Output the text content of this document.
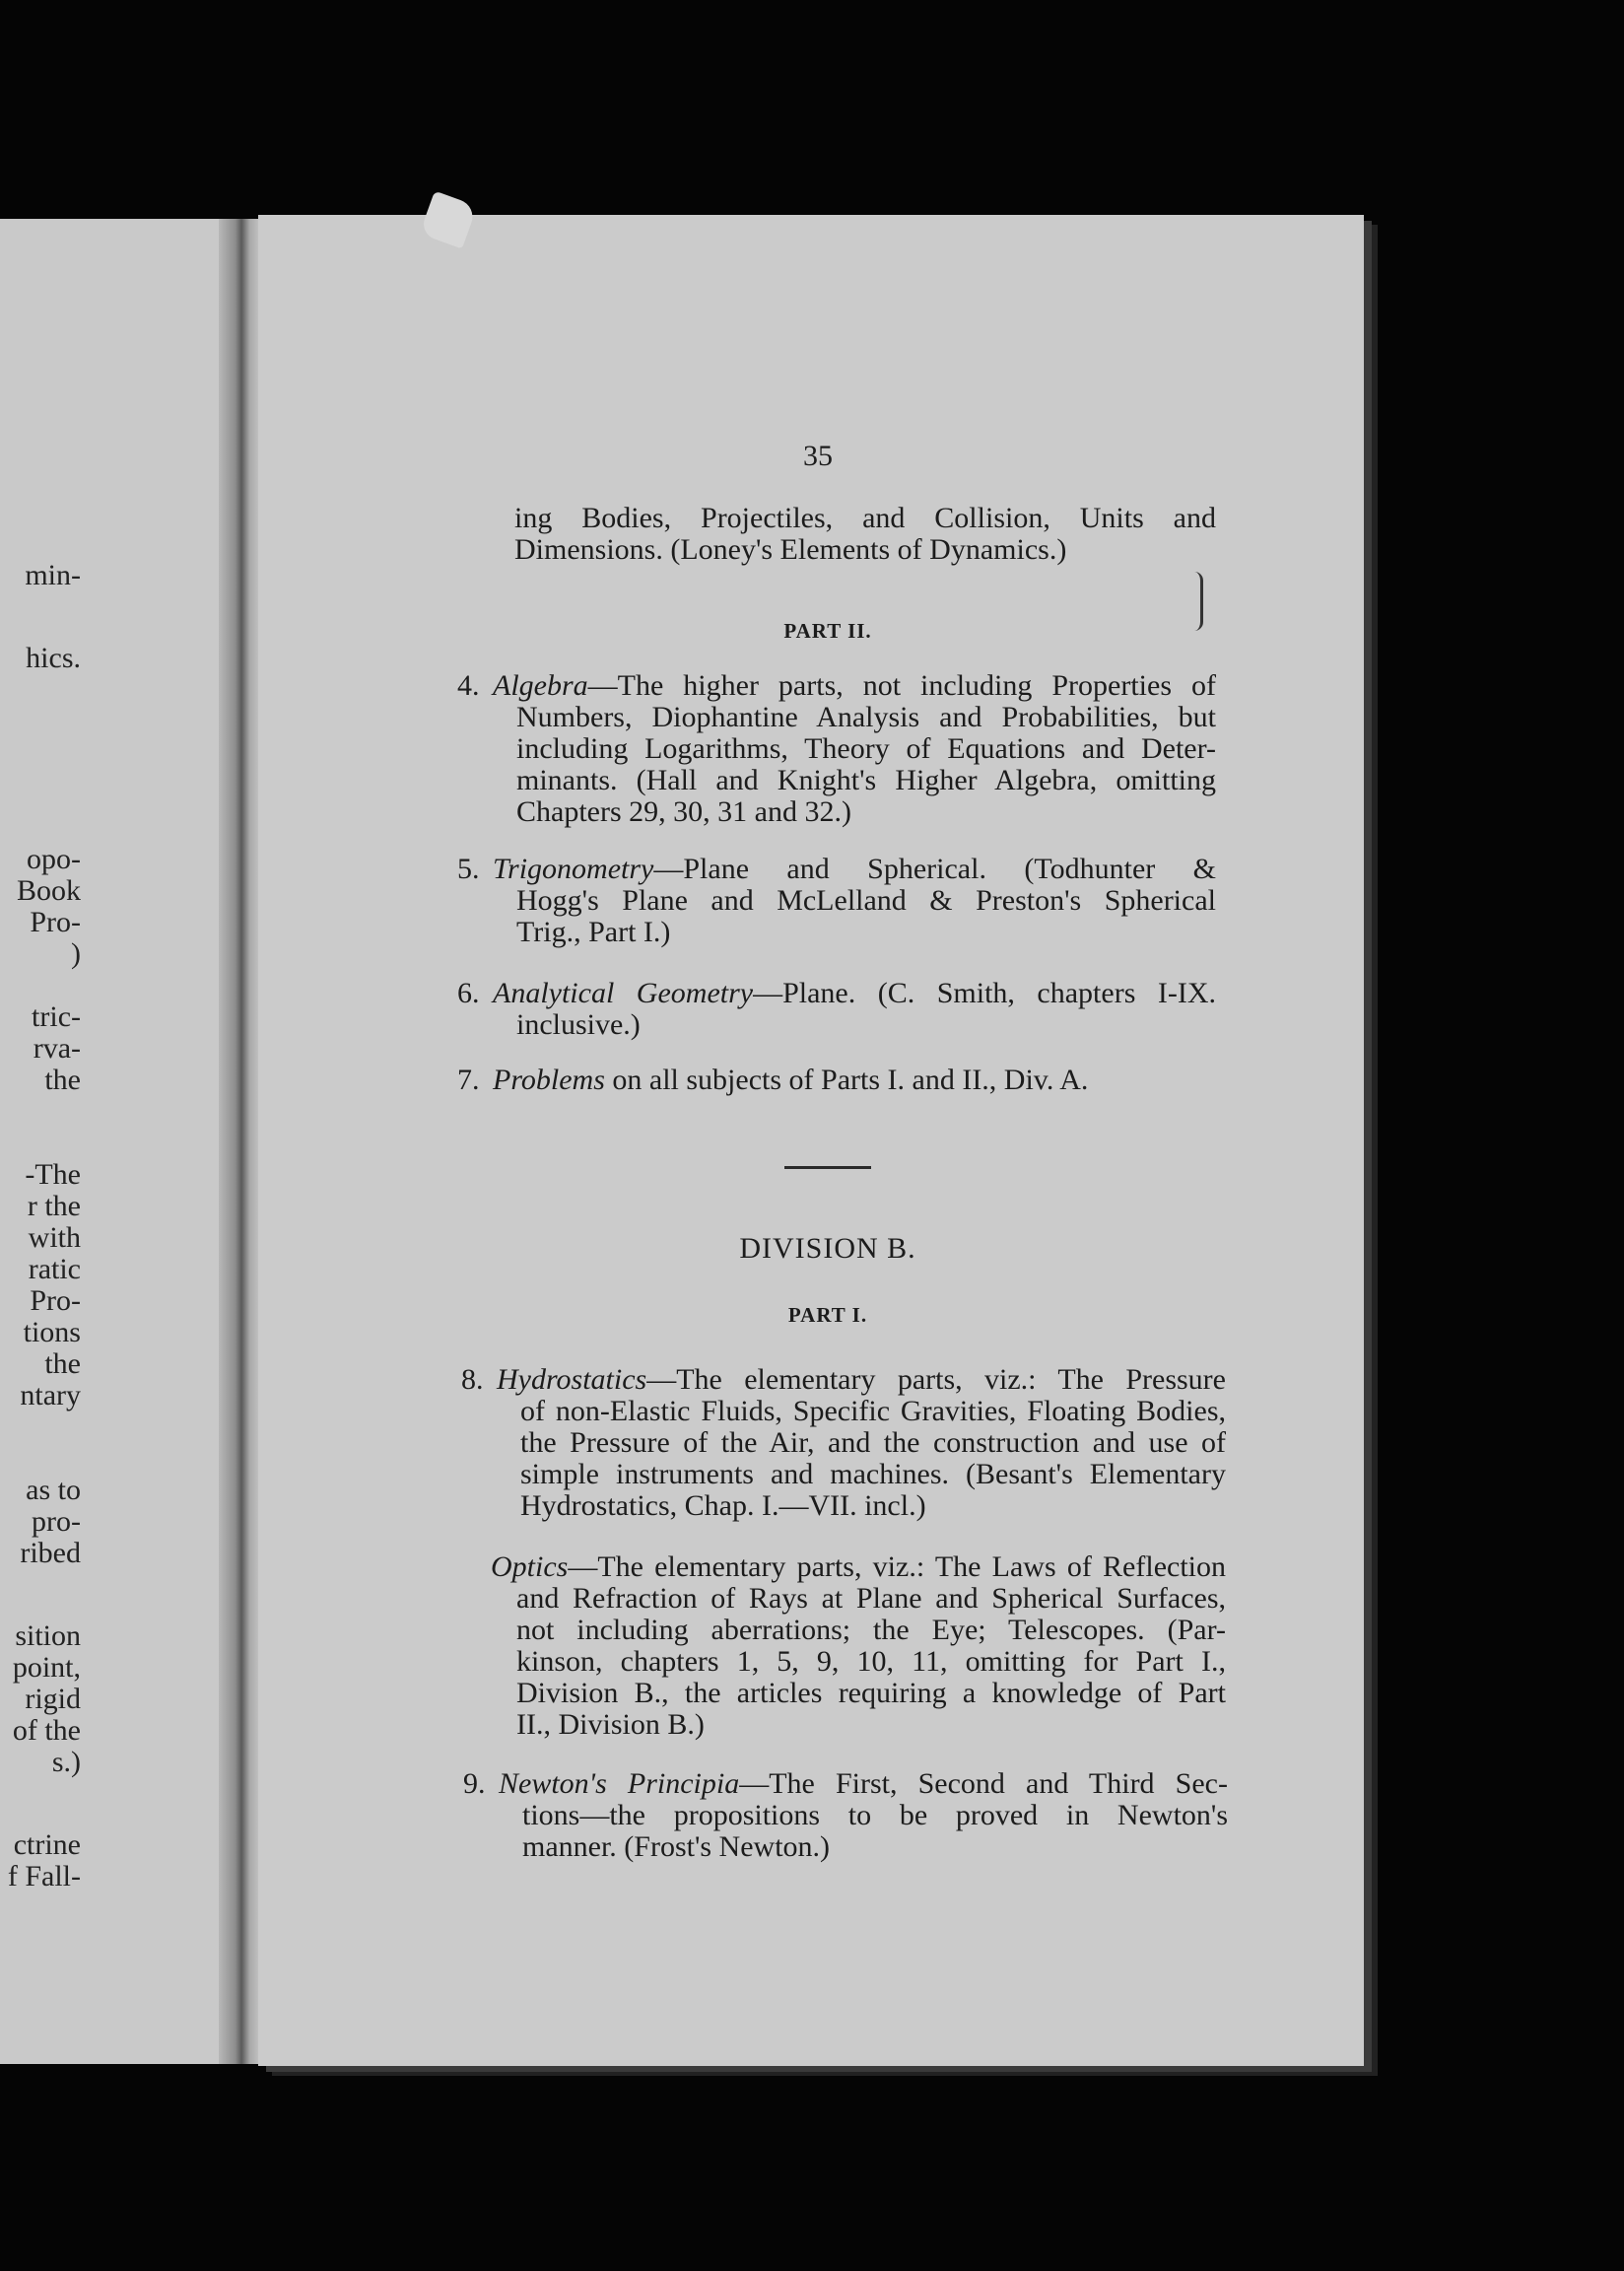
min-
hics.
opo-
Book
Pro-
)
tric-
rva-
the
-The
r the
with
ratic
Pro-
tions
the
ntary
as to
pro-
ribed
sition
point,
rigid
of the
s.)
ctrine
f Fall-
35

ing Bodies, Projectiles, and Collision, Units and

Dimensions. (Loney's Elements of Dynamics.)

PART II.
4. Algebra—The higher parts, not including Properties of

Numbers, Diophantine Analysis and Probabilities, but

including Logarithms, Theory of Equations and Deter-

minants. (Hall and Knight's Higher Algebra, omitting

Chapters 29, 30, 31 and 32.)

5. Trigonometry—Plane and Spherical. (Todhunter &

Hogg's Plane and McLelland & Preston's Spherical

Trig., Part I.)

6. Analytical Geometry—Plane. (C. Smith, chapters I-IX.

inclusive.)

7. Problems on all subjects of Parts I. and II., Div. A.

DIVISION B.
PART I.
8. Hydrostatics—The elementary parts, viz.: The Pressure

of non-Elastic Fluids, Specific Gravities, Floating Bodies,

the Pressure of the Air, and the construction and use of

simple instruments and machines. (Besant's Elementary

Hydrostatics, Chap. I.—VII. incl.)

Optics—The elementary parts, viz.: The Laws of Reflection

and Refraction of Rays at Plane and Spherical Surfaces,

not including aberrations; the Eye; Telescopes. (Par-

kinson, chapters 1, 5, 9, 10, 11, omitting for Part I.,

Division B., the articles requiring a knowledge of Part

II., Division B.)

9. Newton's Principia—The First, Second and Third Sec-

tions—the propositions to be proved in Newton's

manner. (Frost's Newton.)
